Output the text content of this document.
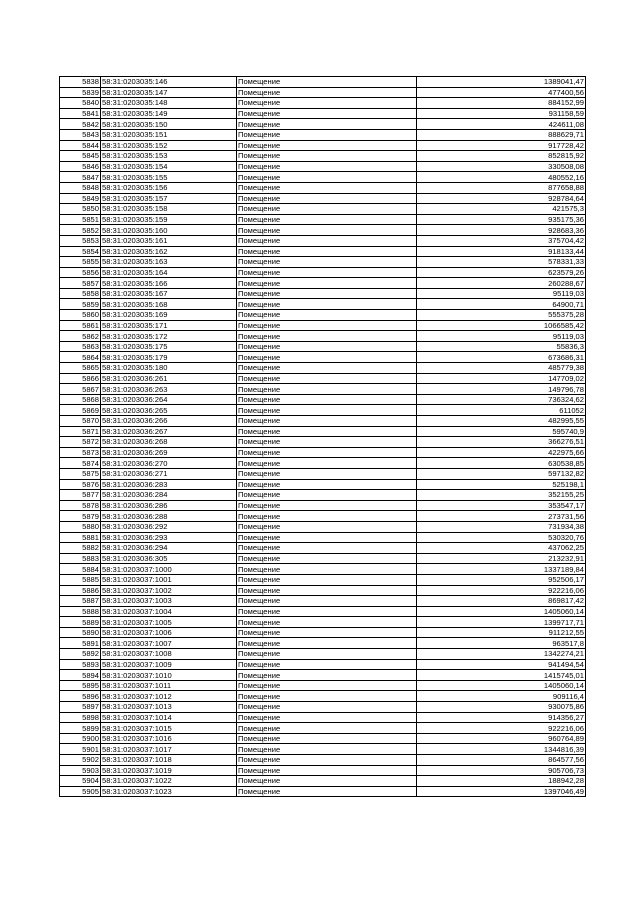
5838	58:31:0203035:146	Помещение	1389041,47
5839	58:31:0203035:147	Помещение	477400,56
5840	58:31:0203035:148	Помещение	884152,99
5841	58:31:0203035:149	Помещение	931158,59
5842	58:31:0203035:150	Помещение	424611,08
5843	58:31:0203035:151	Помещение	888629,71
5844	58:31:0203035:152	Помещение	917728,42
5845	58:31:0203035:153	Помещение	852815,92
5846	58:31:0203035:154	Помещение	330508,08
5847	58:31:0203035:155	Помещение	480552,16
5848	58:31:0203035:156	Помещение	877658,88
5849	58:31:0203035:157	Помещение	928784,64
5850	58:31:0203035:158	Помещение	421575,3
5851	58:31:0203035:159	Помещение	935175,36
5852	58:31:0203035:160	Помещение	928683,36
5853	58:31:0203035:161	Помещение	375704,42
5854	58:31:0203035:162	Помещение	918133,44
5855	58:31:0203035:163	Помещение	578331,33
5856	58:31:0203035:164	Помещение	623579,26
5857	58:31:0203035:166	Помещение	260288,67
5858	58:31:0203035:167	Помещение	95119,03
5859	58:31:0203035:168	Помещение	64900,71
5860	58:31:0203035:169	Помещение	555375,28
5861	58:31:0203035:171	Помещение	1066585,42
5862	58:31:0203035:172	Помещение	95119,03
5863	58:31:0203035:175	Помещение	55836,3
5864	58:31:0203035:179	Помещение	673686,31
5865	58:31:0203035:180	Помещение	485779,38
5866	58:31:0203036:261	Помещение	147709,02
5867	58:31:0203036:263	Помещение	149796,78
5868	58:31:0203036:264	Помещение	736324,62
5869	58:31:0203036:265	Помещение	611052
5870	58:31:0203036:266	Помещение	482995,55
5871	58:31:0203036:267	Помещение	595740,9
5872	58:31:0203036:268	Помещение	366276,51
5873	58:31:0203036:269	Помещение	422975,66
5874	58:31:0203036:270	Помещение	630538,85
5875	58:31:0203036:271	Помещение	597132,82
5876	58:31:0203036:283	Помещение	525198,1
5877	58:31:0203036:284	Помещение	352155,25
5878	58:31:0203036:286	Помещение	353547,17
5879	58:31:0203036:288	Помещение	273731,56
5880	58:31:0203036:292	Помещение	731934,38
5881	58:31:0203036:293	Помещение	530320,76
5882	58:31:0203036:294	Помещение	437062,25
5883	58:31:0203036:305	Помещение	213232,91
5884	58:31:0203037:1000	Помещение	1337189,84
5885	58:31:0203037:1001	Помещение	952506,17
5886	58:31:0203037:1002	Помещение	922216,06
5887	58:31:0203037:1003	Помещение	869817,42
5888	58:31:0203037:1004	Помещение	1405060,14
5889	58:31:0203037:1005	Помещение	1399717,71
5890	58:31:0203037:1006	Помещение	911212,55
5891	58:31:0203037:1007	Помещение	963517,8
5892	58:31:0203037:1008	Помещение	1342274,21
5893	58:31:0203037:1009	Помещение	941494,54
5894	58:31:0203037:1010	Помещение	1415745,01
5895	58:31:0203037:1011	Помещение	1405060,14
5896	58:31:0203037:1012	Помещение	909116,4
5897	58:31:0203037:1013	Помещение	930075,86
5898	58:31:0203037:1014	Помещение	914356,27
5899	58:31:0203037:1015	Помещение	922216,06
5900	58:31:0203037:1016	Помещение	960764,89
5901	58:31:0203037:1017	Помещение	1344816,39
5902	58:31:0203037:1018	Помещение	864577,56
5903	58:31:0203037:1019	Помещение	905706,73
5904	58:31:0203037:1022	Помещение	188942,28
5905	58:31:0203037:1023	Помещение	1397046,49
